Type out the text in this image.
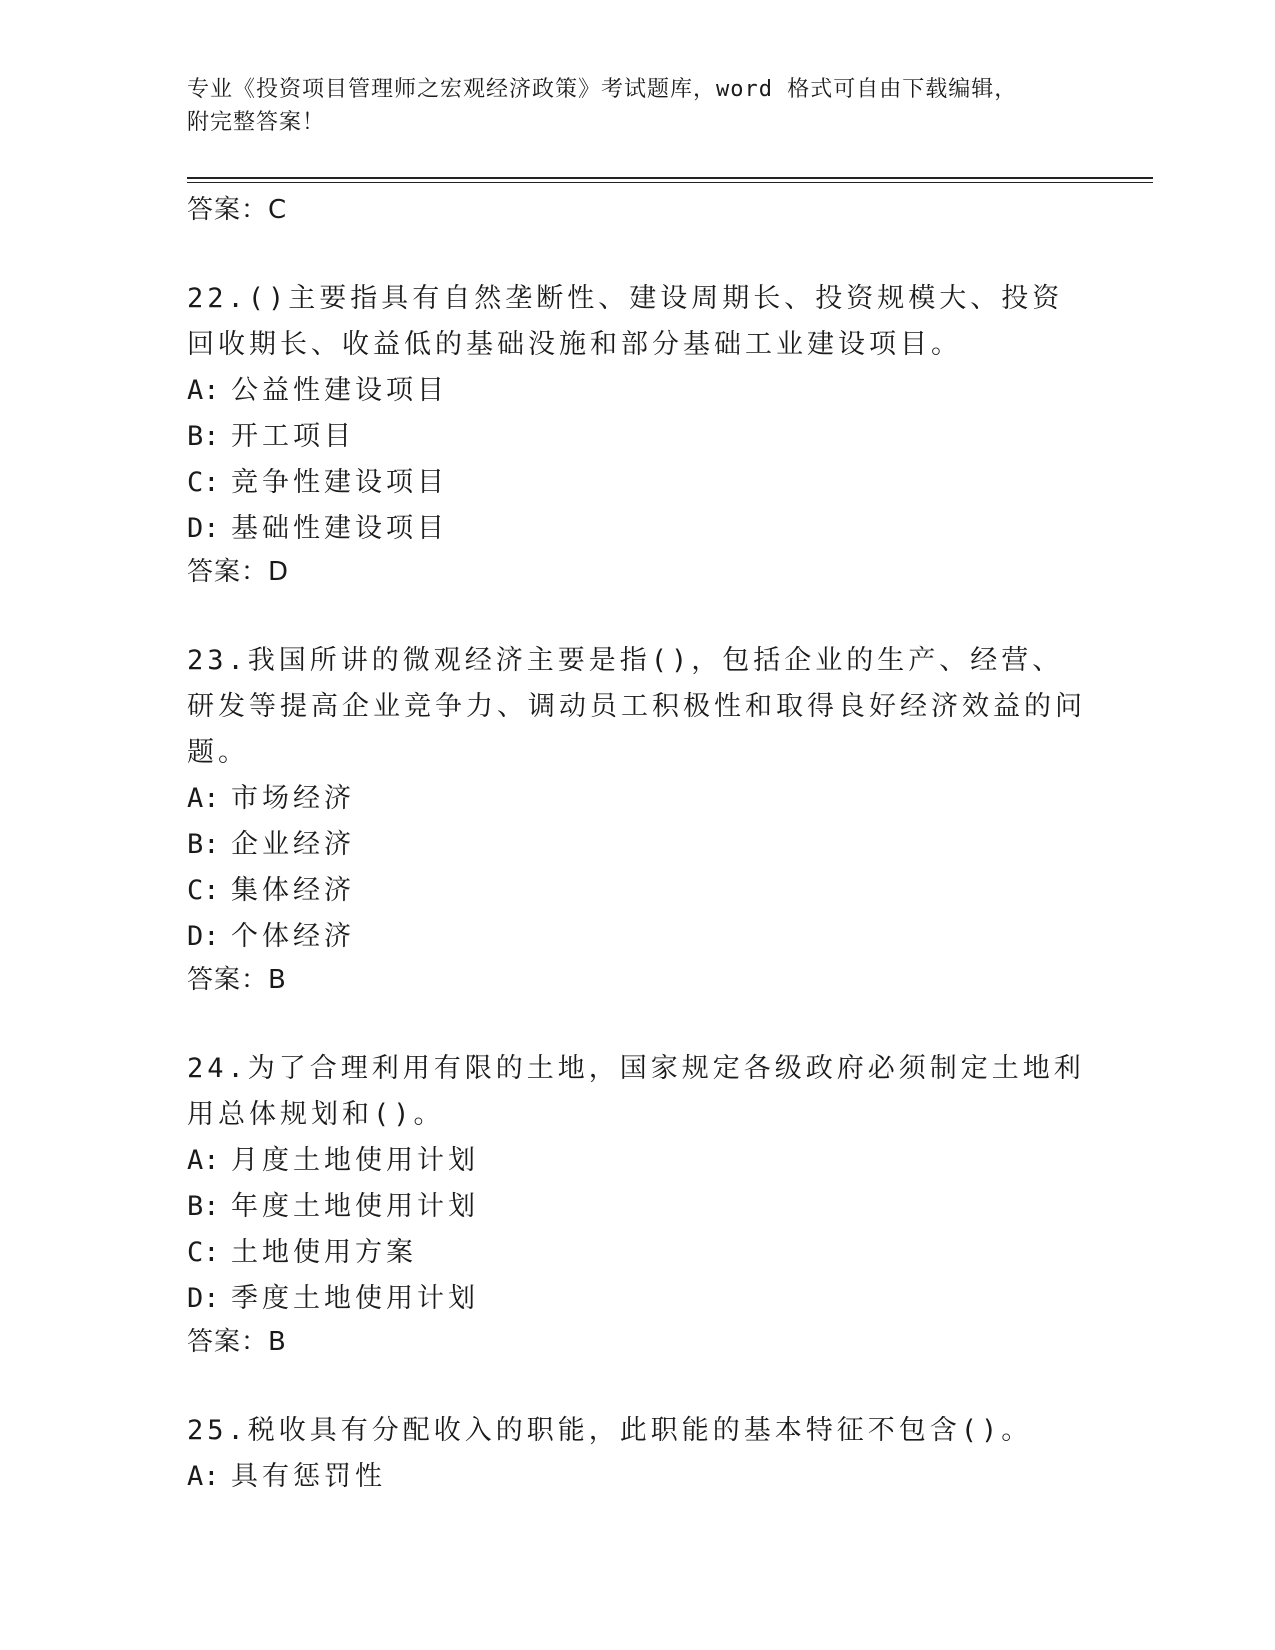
专业《投资项目管理师之宏观经济政策》考试题库，word 格式可自由下载编辑，
附完整答案！
答案：C
22.()主要指具有自然垄断性、建设周期长、投资规模大、投资回收期长、收益低的基础没施和部分基础工业建设项目。
A: 公益性建设项目
B: 开工项目
C: 竞争性建设项目
D: 基础性建设项目
答案：D
23.我国所讲的微观经济主要是指()，包括企业的生产、经营、研发等提高企业竞争力、调动员工积极性和取得良好经济效益的问题。
A: 市场经济
B: 企业经济
C: 集体经济
D: 个体经济
答案：B
24.为了合理利用有限的土地，国家规定各级政府必须制定土地利用总体规划和()。
A: 月度土地使用计划
B: 年度土地使用计划
C: 土地使用方案
D: 季度土地使用计划
答案：B
25.税收具有分配收入的职能，此职能的基本特征不包含()。
A: 具有惩罚性
